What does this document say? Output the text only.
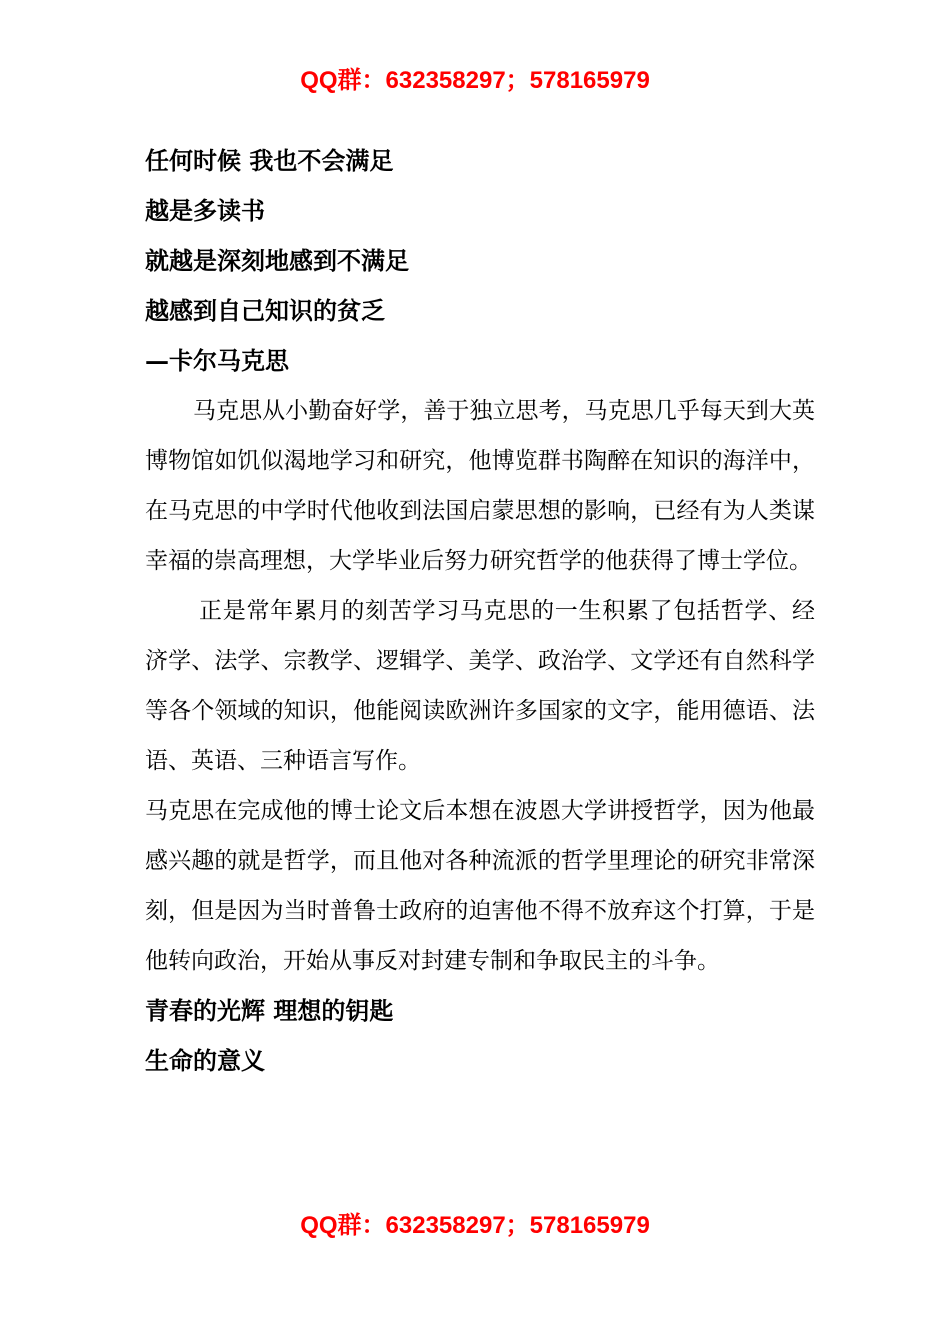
QQ群：632358297；578165979
任何时候 我也不会满足
越是多读书
就越是深刻地感到不满足
越感到自己知识的贫乏
—卡尔马克思

马克思从小勤奋好学，善于独立思考，马克思几乎每天到大英博物馆如饥似渴地学习和研究，他博览群书陶醉在知识的海洋中，在马克思的中学时代他收到法国启蒙思想的影响，已经有为人类谋幸福的崇高理想，大学毕业后努力研究哲学的他获得了博士学位。

正是常年累月的刻苦学习马克思的一生积累了包括哲学、经济学、法学、宗教学、逻辑学、美学、政治学、文学还有自然科学等各个领域的知识，他能阅读欧洲许多国家的文字，能用德语、法语、英语、三种语言写作。

马克思在完成他的博士论文后本想在波恩大学讲授哲学，因为他最感兴趣的就是哲学，而且他对各种流派的哲学里理论的研究非常深刻，但是因为当时普鲁士政府的迫害他不得不放弃这个打算，于是他转向政治，开始从事反对封建专制和争取民主的斗争。

青春的光辉 理想的钥匙
生命的意义
QQ群：632358297；578165979
